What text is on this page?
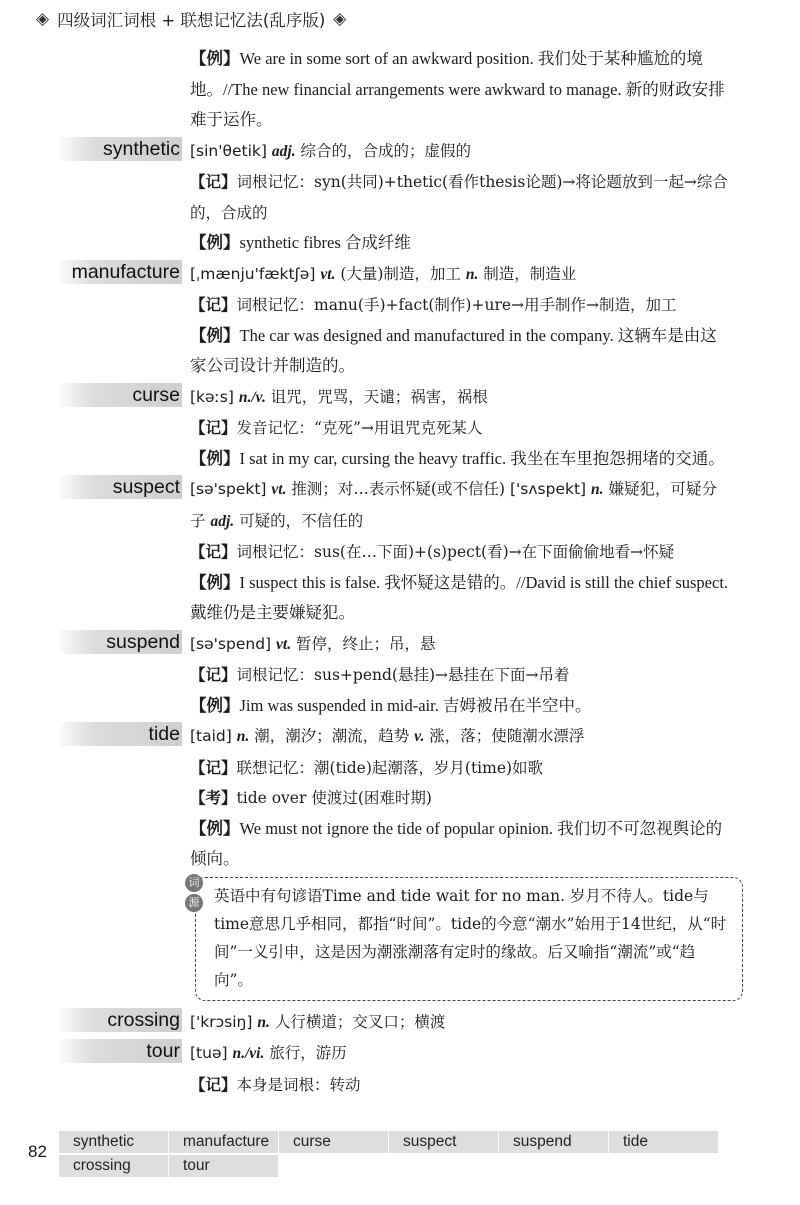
◈ 四级词汇词根 + 联想记忆法(乱序版) ◈
【例】We are in some sort of an awkward position. 我们处于某种尴尬的境地。//The new financial arrangements were awkward to manage. 新的财政安排难于运作。
synthetic [sin'θetik] adj. 综合的，合成的；虚假的
【记】词根记忆：syn(共同)+thetic(看作thesis论题)→将论题放到一起→综合的，合成的
【例】synthetic fibres 合成纤维
manufacture [ˌmænju'fæktʃə] vt. (大量)制造，加工 n. 制造，制造业
【记】词根记忆：manu(手)+fact(制作)+ure→用手制作→制造，加工
【例】The car was designed and manufactured in the company. 这辆车是由这家公司设计并制造的。
curse [kəːs] n./v. 诅咒，咒骂，天谴；祸害，祸根
【记】发音记忆：“克死”→用诅咒克死某人
【例】I sat in my car, cursing the heavy traffic. 我坐在车里抱怨拥堵的交通。
suspect [sə'spekt] vt. 推测；对…表示怀疑(或不信任) ['sʌspekt] n. 嫌疑犯，可疑分子 adj. 可疑的，不信任的
【记】词根记忆：sus(在…下面)+(s)pect(看)→在下面偷偷地看→怀疑
【例】I suspect this is false. 我怀疑这是错的。//David is still the chief suspect. 戴维仍是主要嫌疑犯。
suspend [sə'spend] vt. 暂停，终止；吊，悬
【记】词根记忆：sus+pend(悬挂)→悬挂在下面→吊着
【例】Jim was suspended in mid-air. 吉姆被吊在半空中。
tide [taid] n. 潮，潮汐；潮流，趋势 v. 涨，落；使随潮水漂浮
【记】联想记忆：潮(tide)起潮落，岁月(time)如歌
【考】tide over 使渡过(困难时期)
【例】We must not ignore the tide of popular opinion. 我们切不可忽视舆论的倾向。
词
源 英语中有句谚语Time and tide wait for no man. 岁月不待人。tide与time意思几乎相同，都指“时间”。tide的今意“潮水”始用于14世纪，从“时间”一义引申，这是因为潮涨潮落有定时的缘故。后又喻指“潮流”或“趋向”。
crossing ['krɔsiŋ] n. 人行横道；交叉口；横渡
tour [tuə] n./vi. 旅行，游历
【记】本身是词根：转动
82
synthetic	manufacture	curse	suspect	suspend	tide
crossing	tour
